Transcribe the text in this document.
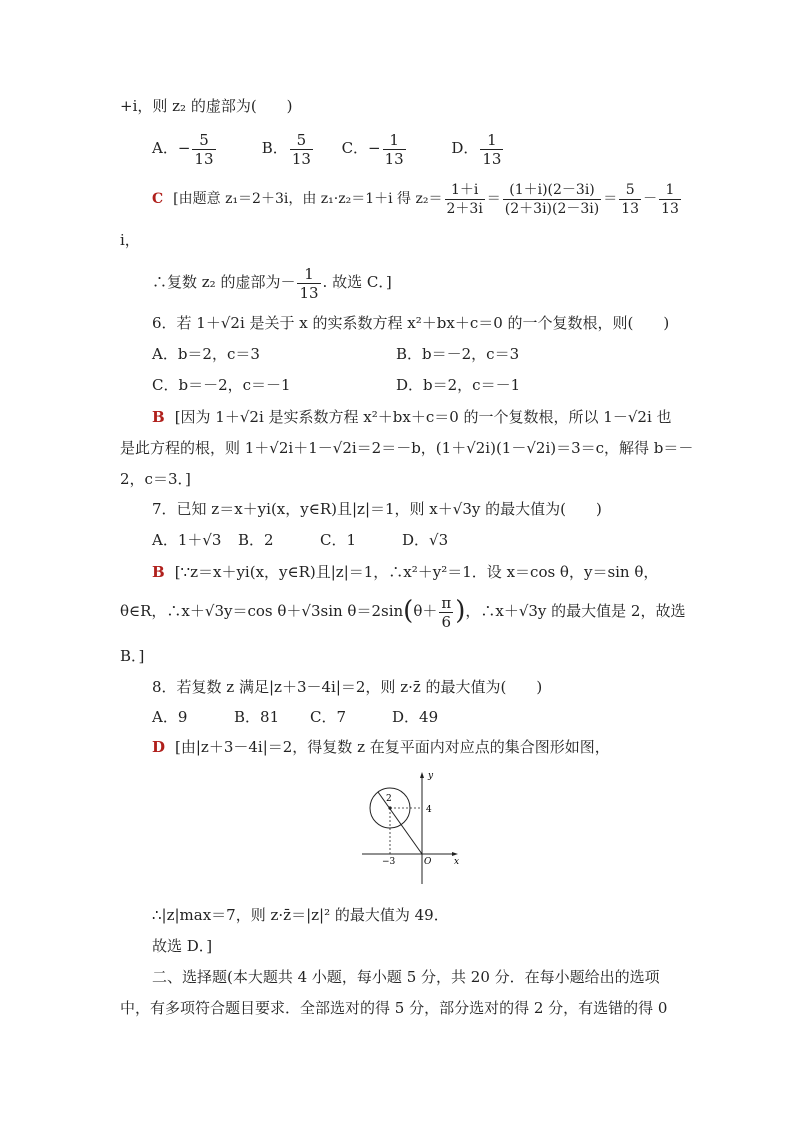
+i，则 z₂ 的虚部为(　　)
A．− $\frac{5}{13}$	B． $\frac{5}{13}$ C．− $\frac{1}{13}$	D． $\frac{1}{13}$
C [由题意 z₁＝2＋3i，由 z₁·z₂＝1＋i 得 $z_2= \frac{1+i}{2+3i} = \frac{(1+i)(2-3i)}{(2+3i)(2-3i)} = \frac{5}{13} - \frac{1}{13}$
i，
∴复数 z₂ 的虚部为－ $\frac{1}{13}$ . 故选 C．]
6．若 1＋√2i 是关于 x 的实系数方程 x²＋bx＋c＝0 的一个复数根，则(　　)
A．b＝2，c＝3	B．b＝－2，c＝3
C．b＝－2，c＝－1	D．b＝2，c＝－1
B [因为 1＋√2i 是实系数方程 x²＋bx＋c＝0 的一个复数根，所以 1－√2i 也
是此方程的根，则 1＋√2i＋1－√2i＝2＝－b，(1＋√2i)(1－√2i)＝3＝c，解得 b＝－
2，c＝3．]
7．已知 z＝x＋yi(x，y∈R)且|z|＝1，则 x＋√3y 的最大值为(　　)
A．1＋√3 B．2	C．1	D．√3
B [∵z＝x＋yi(x，y∈R)且|z|＝1，∴x²＋y²＝1．设 x＝cos θ，y＝sin θ，
θ∈R，∴x＋√3y＝cos θ＋√3sin $\theta=2\sin(\theta+ \frac{\pi}{6}$ )，∴x＋√3y 的最大值是 2，故选
B．]
8．若复数 z 满足|z＋3－4i|＝2，则 z·z̄ 的最大值为(　　)
A．9	B．81 C．7	D．49
D [由|z＋3－4i|＝2，得复数 z 在复平面内对应点的集合图形如图，
y
x
O
2
4
−3
∴|z|max＝7，则 z·z̄＝|z|² 的最大值为 49．
故选 D．]
二、选择题(本大题共 4 小题，每小题 5 分，共 20 分．在每小题给出的选项
中，有多项符合题目要求．全部选对的得 5 分，部分选对的得 2 分，有选错的得 0
